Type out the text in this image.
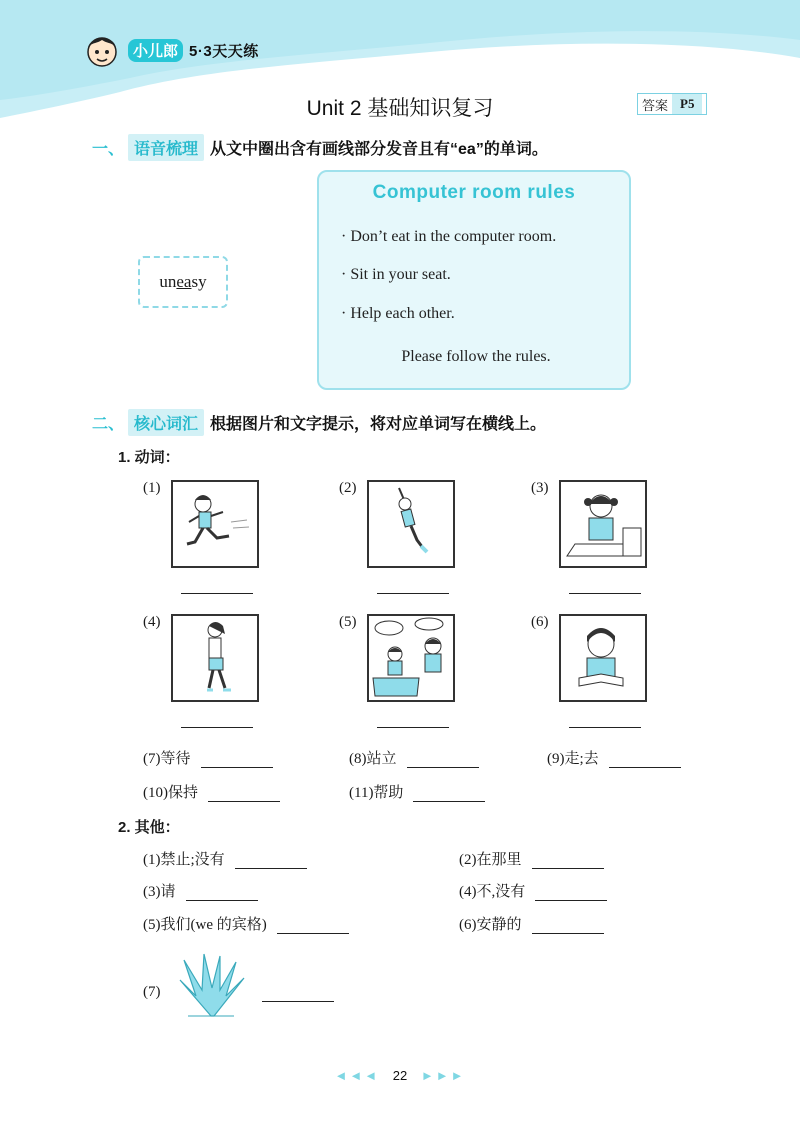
小儿郎 5·3天天练
Unit 2 基础知识复习	答案 P5
一、 语音梳理 从文中圈出含有画线部分发音且有“ea”的单词。
un ea sy
Computer room rules
· Don’t eat in the computer room.
· Sit in your seat.
· Help each other.
Please follow the rules.
二、 核心词汇 根据图片和文字提示，将对应单词写在横线上。
1. 动词：
(1)	(2)	(3)
(4)	(5)	(6)
(7)等待	(8)站立	(9)走;去
(10)保持	(11)帮助
2. 其他：
(1)禁止;没有	(2)在那里
(3)请	(4)不,没有
(5)我们(we 的宾格)	(6)安静的
(7)
◄◄◄ 22 ►►►
